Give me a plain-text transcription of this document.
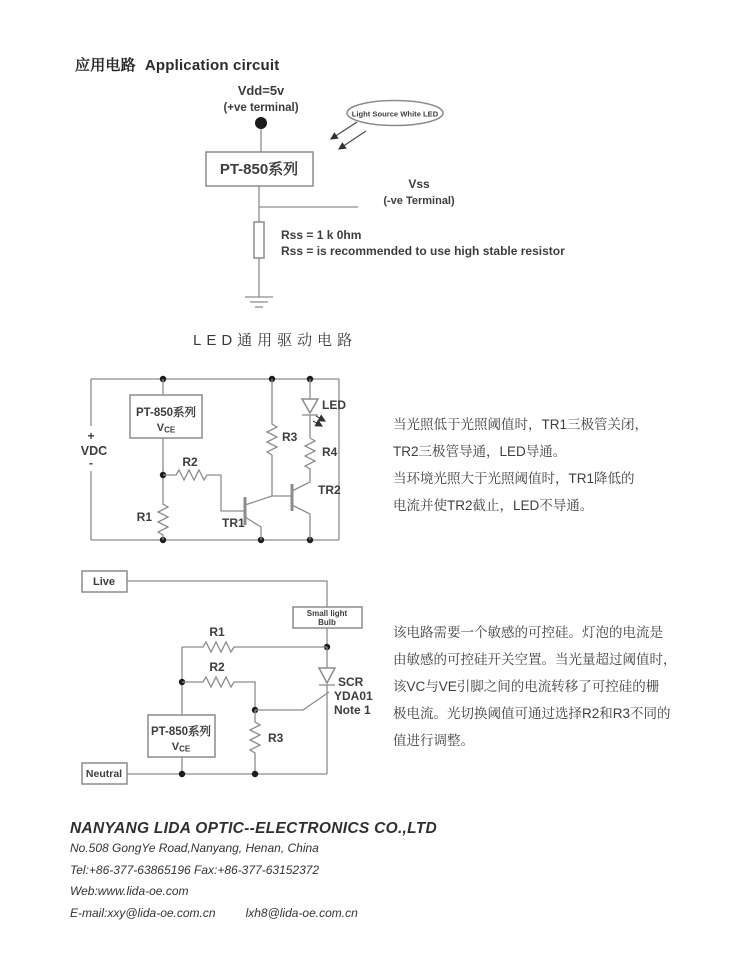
应用电路 Application circuit
LED通用驱动电路
Vdd=5v
(+ve terminal)	Light Source White LED
PT-850系列
Vss
(-ve Terminal)
Rss = 1 k 0hm
Rss = is recommended to use high stable resistor
+
VDC
-
PT-850系列
VCE
R1
R2
R3
LED
R4
TR1
TR2
Live
Small light
Bulb
R1
R2
SCR
YDA01
Note 1
R3
PT-850系列
VCE
Neutral
当光照低于光照阈值时，TR1三极管关闭，
TR2三极管导通，LED导通。
当环境光照大于光照阈值时，TR1降低的
电流并使TR2截止，LED不导通。
该电路需要一个敏感的可控硅。灯泡的电流是
由敏感的可控硅开关空置。当光量超过阈值时，
该VC与VE引脚之间的电流转移了可控硅的栅
极电流。光切换阈值可通过选择R2和R3不同的
值进行调整。
NANYANG LIDA OPTIC--ELECTRONICS CO.,LTD
No.508 GongYe Road,Nanyang, Henan, China
Tel:+86-377-63865196 Fax:+86-377-63152372
Web:www.lida-oe.com
E-mail:xxy@lida-oe.com.cn	lxh8@lida-oe.com.cn
